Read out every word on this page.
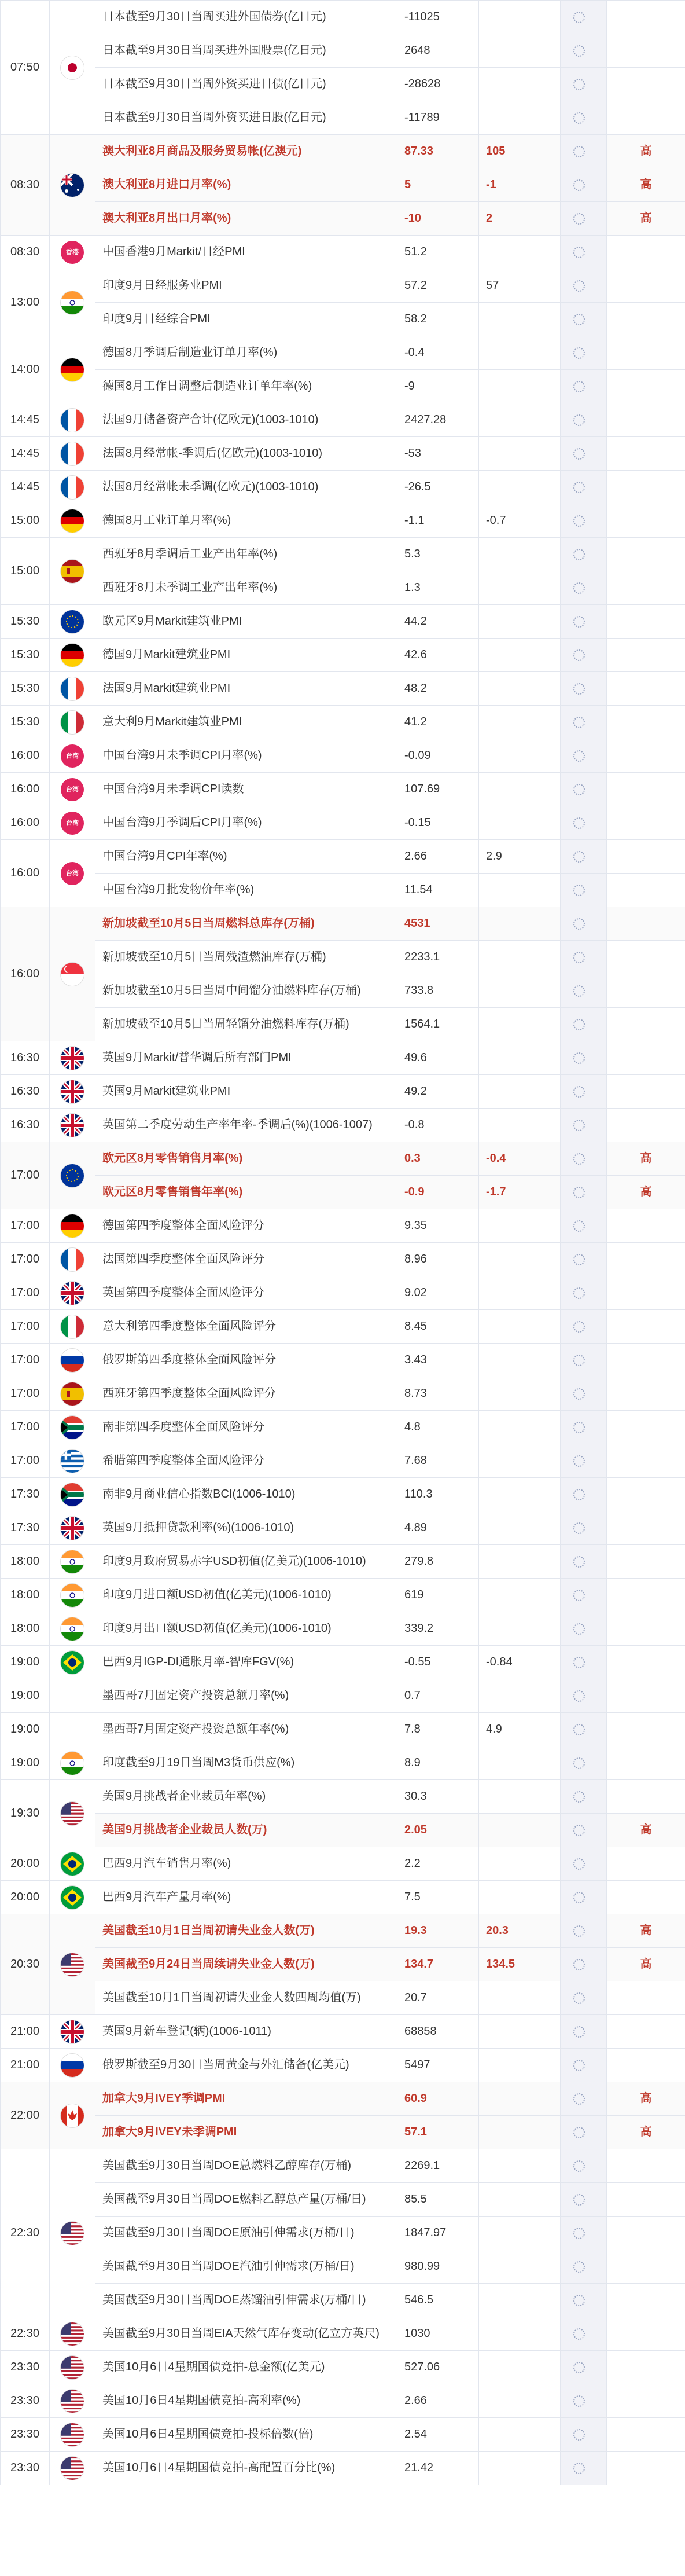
07:50		日本截至9月30日当周买进外国债券(亿日元)	-11025			
		日本截至9月30日当周买进外国股票(亿日元)	2648			
		日本截至9月30日当周外资买进日债(亿日元)	-28628			
		日本截至9月30日当周外资买进日股(亿日元)	-11789			
08:30		澳大利亚8月商品及服务贸易帐(亿澳元)	87.33	105		高
		澳大利亚8月进口月率(%)	5	-1		高
		澳大利亚8月出口月率(%)	-10	2		高
08:30	香港	中国香港9月Markit/日经PMI	51.2			
13:00		印度9月日经服务业PMI	57.2	57		
		印度9月日经综合PMI	58.2			
14:00		德国8月季调后制造业订单月率(%)	-0.4			
		德国8月工作日调整后制造业订单年率(%)	-9			
14:45		法国9月储备资产合计(亿欧元)(1003-1010)	2427.28			
14:45		法国8月经常帐-季调后(亿欧元)(1003-1010)	-53			
14:45		法国8月经常帐未季调(亿欧元)(1003-1010)	-26.5			
15:00		德国8月工业订单月率(%)	-1.1	-0.7		
15:00		西班牙8月季调后工业产出年率(%)	5.3			
		西班牙8月未季调工业产出年率(%)	1.3			
15:30		欧元区9月Markit建筑业PMI	44.2			
15:30		德国9月Markit建筑业PMI	42.6			
15:30		法国9月Markit建筑业PMI	48.2			
15:30		意大利9月Markit建筑业PMI	41.2			
16:00	台湾	中国台湾9月未季调CPI月率(%)	-0.09			
16:00	台湾	中国台湾9月未季调CPI读数	107.69			
16:00	台湾	中国台湾9月季调后CPI月率(%)	-0.15			
16:00	台湾	中国台湾9月CPI年率(%)	2.66	2.9		
		中国台湾9月批发物价年率(%)	11.54			
16:00		新加坡截至10月5日当周燃料总库存(万桶)	4531			
		新加坡截至10月5日当周残渣燃油库存(万桶)	2233.1			
		新加坡截至10月5日当周中间馏分油燃料库存(万桶)	733.8			
		新加坡截至10月5日当周轻馏分油燃料库存(万桶)	1564.1			
16:30		英国9月Markit/普华调后所有部门PMI	49.6			
16:30		英国9月Markit建筑业PMI	49.2			
16:30		英国第二季度劳动生产率年率-季调后(%)(1006-1007)	-0.8			
17:00		欧元区8月零售销售月率(%)	0.3	-0.4		高
		欧元区8月零售销售年率(%)	-0.9	-1.7		高
17:00		德国第四季度整体全面风险评分	9.35			
17:00		法国第四季度整体全面风险评分	8.96			
17:00		英国第四季度整体全面风险评分	9.02			
17:00		意大利第四季度整体全面风险评分	8.45			
17:00		俄罗斯第四季度整体全面风险评分	3.43			
17:00		西班牙第四季度整体全面风险评分	8.73			
17:00		南非第四季度整体全面风险评分	4.8			
17:00		希腊第四季度整体全面风险评分	7.68			
17:30		南非9月商业信心指数BCI(1006-1010)	110.3			
17:30		英国9月抵押贷款利率(%)(1006-1010)	4.89			
18:00		印度9月政府贸易赤字USD初值(亿美元)(1006-1010)	279.8			
18:00		印度9月进口额USD初值(亿美元)(1006-1010)	619			
18:00		印度9月出口额USD初值(亿美元)(1006-1010)	339.2			
19:00		巴西9月IGP-DI通胀月率-智库FGV(%)	-0.55	-0.84		
19:00		墨西哥7月固定资产投资总额月率(%)	0.7			
19:00		墨西哥7月固定资产投资总额年率(%)	7.8	4.9		
19:00		印度截至9月19日当周M3货币供应(%)	8.9			
19:30		美国9月挑战者企业裁员年率(%)	30.3			
		美国9月挑战者企业裁员人数(万)	2.05			高
20:00		巴西9月汽车销售月率(%)	2.2			
20:00		巴西9月汽车产量月率(%)	7.5			
20:30		美国截至10月1日当周初请失业金人数(万)	19.3	20.3		高
		美国截至9月24日当周续请失业金人数(万)	134.7	134.5		高
		美国截至10月1日当周初请失业金人数四周均值(万)	20.7			
21:00		英国9月新车登记(辆)(1006-1011)	68858			
21:00		俄罗斯截至9月30日当周黄金与外汇储备(亿美元)	5497			
22:00		加拿大9月IVEY季调PMI	60.9			高
		加拿大9月IVEY未季调PMI	57.1			高
22:30		美国截至9月30日当周DOE总燃料乙醇库存(万桶)	2269.1			
		美国截至9月30日当周DOE燃料乙醇总产量(万桶/日)	85.5			
		美国截至9月30日当周DOE原油引伸需求(万桶/日)	1847.97			
		美国截至9月30日当周DOE汽油引伸需求(万桶/日)	980.99			
		美国截至9月30日当周DOE蒸馏油引伸需求(万桶/日)	546.5			
22:30		美国截至9月30日当周EIA天然气库存变动(亿立方英尺)	1030			
23:30		美国10月6日4星期国债竞拍-总金额(亿美元)	527.06			
23:30		美国10月6日4星期国债竞拍-高利率(%)	2.66			
23:30		美国10月6日4星期国债竞拍-投标倍数(倍)	2.54			
23:30		美国10月6日4星期国债竞拍-高配置百分比(%)	21.42			
